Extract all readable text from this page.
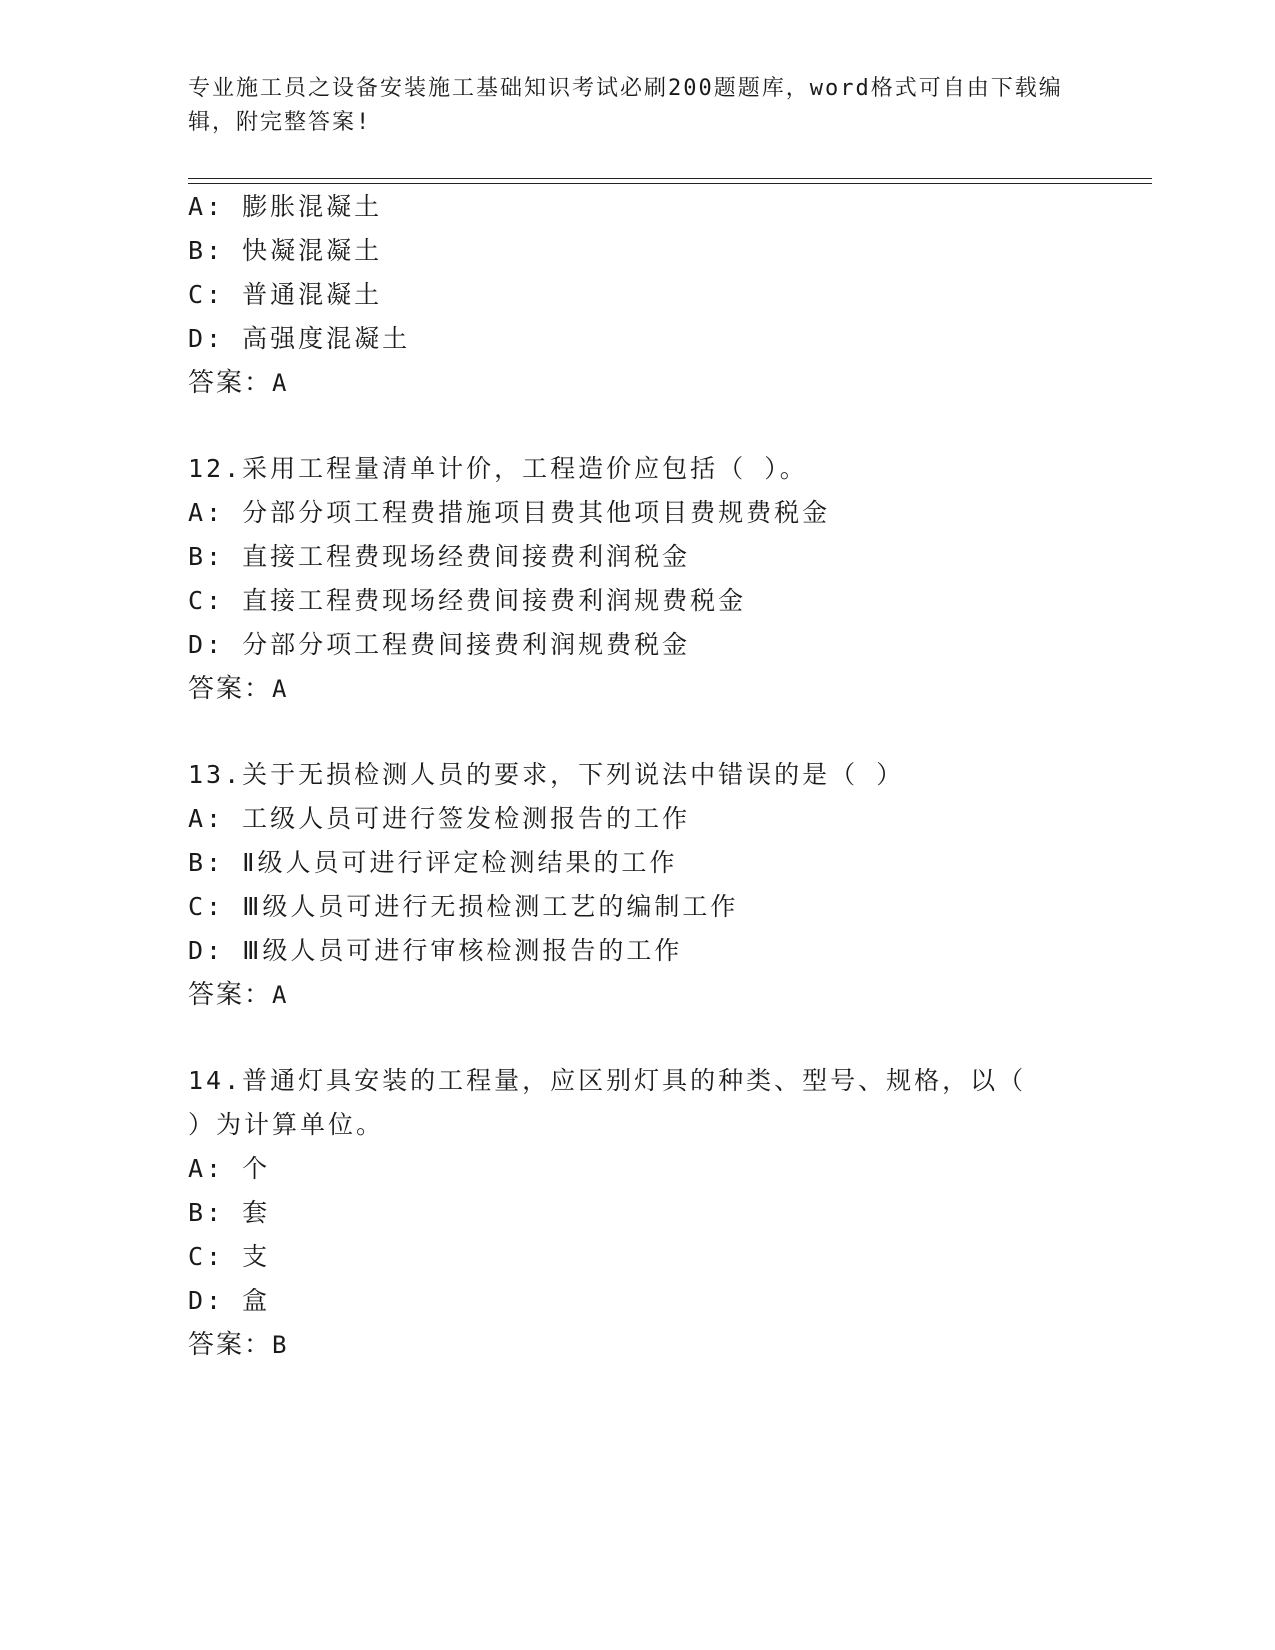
专业施工员之设备安装施工基础知识考试必刷200题题库，word格式可自由下载编辑，附完整答案!
A: 膨胀混凝土
B: 快凝混凝土
C: 普通混凝土
D: 高强度混凝土
答案：A
12.采用工程量清单计价，工程造价应包括（ ）。
A: 分部分项工程费措施项目费其他项目费规费税金
B: 直接工程费现场经费间接费利润税金
C: 直接工程费现场经费间接费利润规费税金
D: 分部分项工程费间接费利润规费税金
答案：A
13.关于无损检测人员的要求，下列说法中错误的是（ ）
A: 工级人员可进行签发检测报告的工作
B: Ⅱ级人员可进行评定检测结果的工作
C: Ⅲ级人员可进行无损检测工艺的编制工作
D: Ⅲ级人员可进行审核检测报告的工作
答案：A
14.普通灯具安装的工程量，应区别灯具的种类、型号、规格，以（
）为计算单位。
A: 个
B: 套
C: 支
D: 盒
答案：B
